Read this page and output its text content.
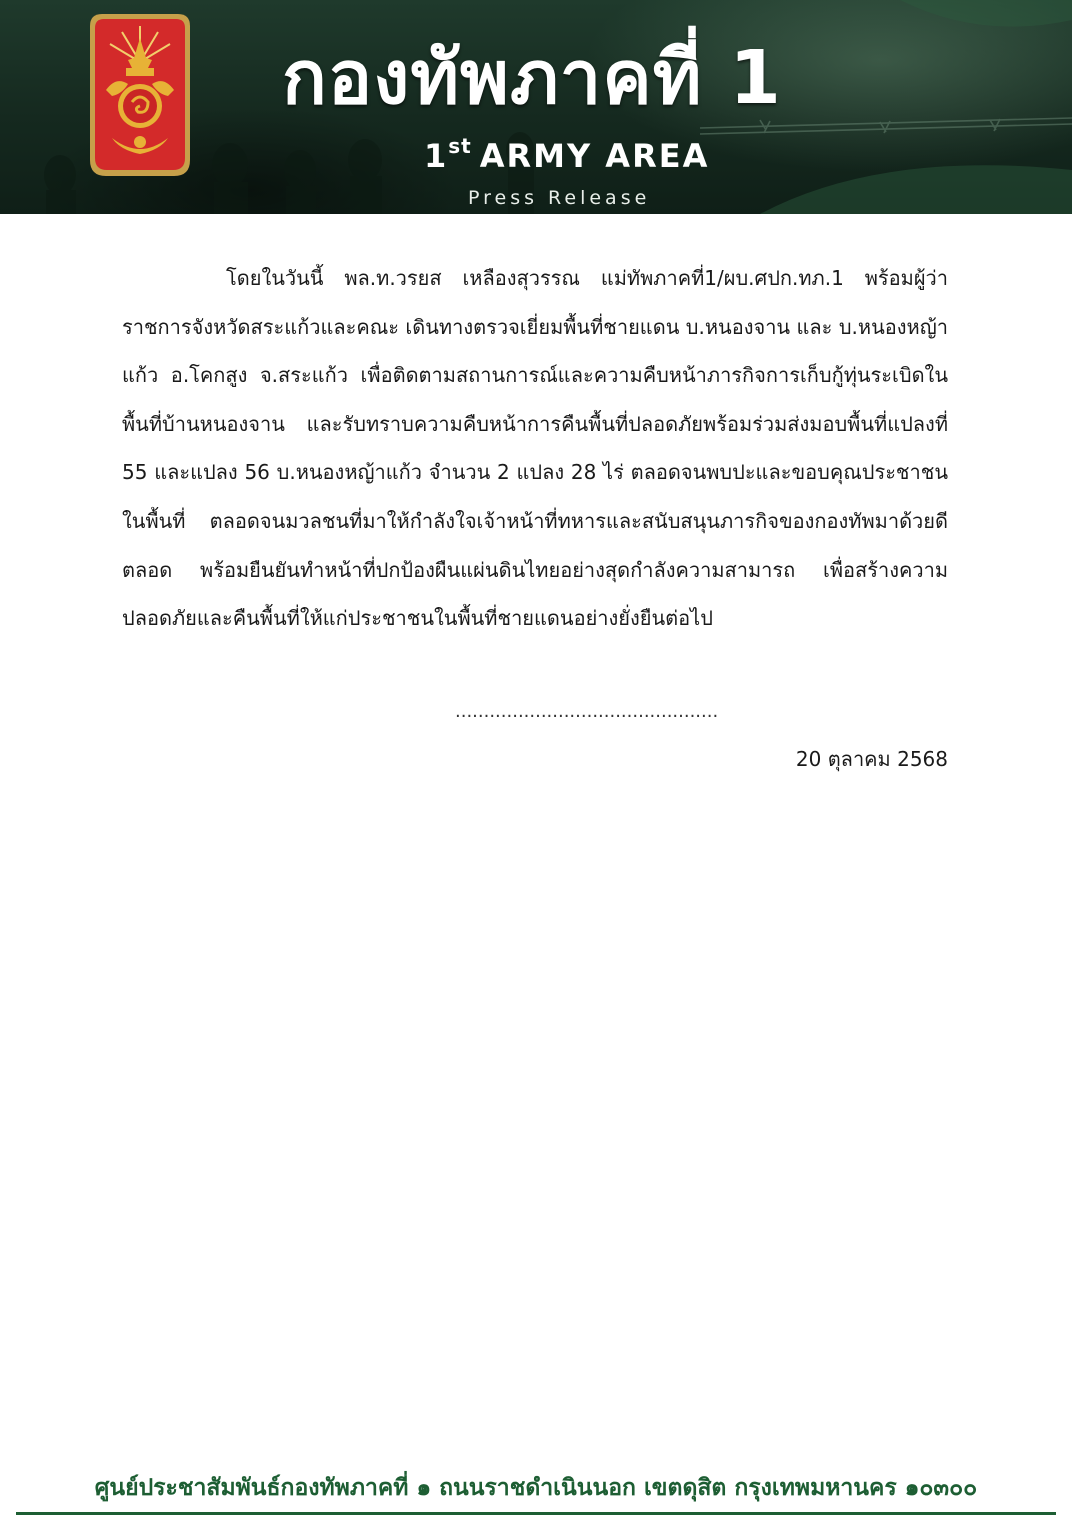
กองทัพภาคที่ 1
1st ARMY AREA
Press Release

โดยในวันนี้ พล.ท.วรยส เหลืองสุวรรณ แม่ทัพภาคที่1/ผบ.ศปก.ทภ.1 พร้อมผู้ว่าราชการจังหวัดสระแก้วและคณะ เดินทางตรวจเยี่ยมพื้นที่ชายแดน บ.หนองจาน และ บ.หนองหญ้าแก้ว อ.โคกสูง จ.สระแก้ว เพื่อติดตามสถานการณ์และความคืบหน้าภารกิจการเก็บกู้ทุ่นระเบิดในพื้นที่บ้านหนองจาน และรับทราบความคืบหน้าการคืนพื้นที่ปลอดภัยพร้อมร่วมส่งมอบพื้นที่แปลงที่ 55 และแปลง 56 บ.หนองหญ้าแก้ว จำนวน 2 แปลง 28 ไร่ ตลอดจนพบปะและขอบคุณประชาชนในพื้นที่ ตลอดจนมวลชนที่มาให้กำลังใจเจ้าหน้าที่ทหารและสนับสนุนภารกิจของกองทัพมาด้วยดีตลอด พร้อมยืนยันทำหน้าที่ปกป้องผืนแผ่นดินไทยอย่างสุดกำลังความสามารถ เพื่อสร้างความปลอดภัยและคืนพื้นที่ให้แก่ประชาชนในพื้นที่ชายแดนอย่างยั่งยืนต่อไป

..............................................
20 ตุลาคม 2568
ศูนย์ประชาสัมพันธ์กองทัพภาคที่ ๑ ถนนราชดำเนินนอก เขตดุสิต กรุงเทพมหานคร ๑๐๓๐๐
